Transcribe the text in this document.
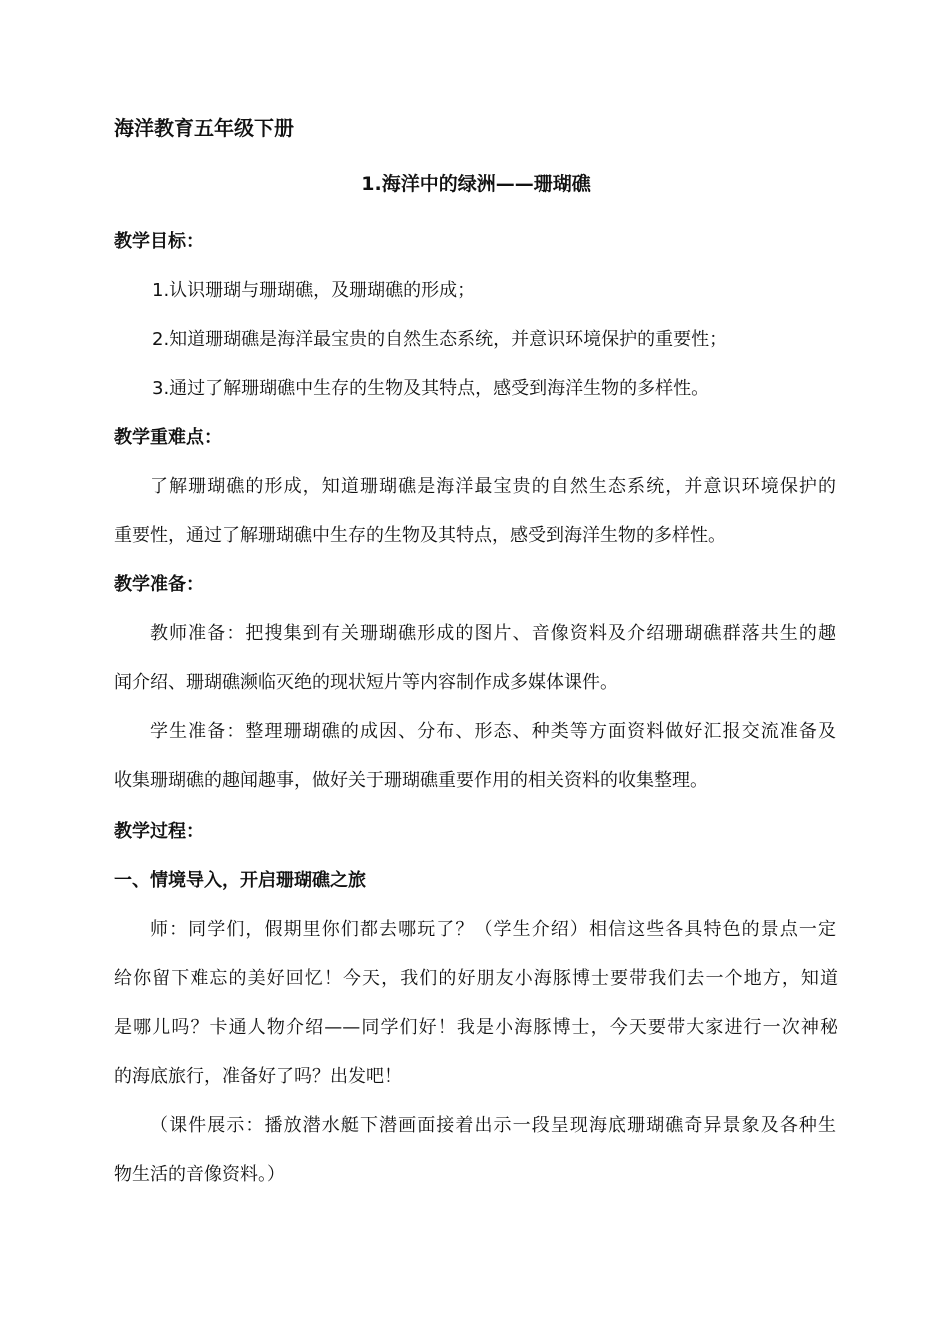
海洋教育五年级下册
1.海洋中的绿洲——珊瑚礁
教学目标：
1.认识珊瑚与珊瑚礁，及珊瑚礁的形成；
2.知道珊瑚礁是海洋最宝贵的自然生态系统，并意识环境保护的重要性；
3.通过了解珊瑚礁中生存的生物及其特点，感受到海洋生物的多样性。
教学重难点：
了解珊瑚礁的形成，知道珊瑚礁是海洋最宝贵的自然生态系统，并意识环境保护的
重要性，通过了解珊瑚礁中生存的生物及其特点，感受到海洋生物的多样性。
教学准备：
教师准备：把搜集到有关珊瑚礁形成的图片、音像资料及介绍珊瑚礁群落共生的趣
闻介绍、珊瑚礁濒临灭绝的现状短片等内容制作成多媒体课件。
学生准备：整理珊瑚礁的成因、分布、形态、种类等方面资料做好汇报交流准备及
收集珊瑚礁的趣闻趣事，做好关于珊瑚礁重要作用的相关资料的收集整理。
教学过程：
一、情境导入，开启珊瑚礁之旅
师：同学们，假期里你们都去哪玩了？（学生介绍）相信这些各具特色的景点一定
给你留下难忘的美好回忆！今天，我们的好朋友小海豚博士要带我们去一个地方，知道
是哪儿吗？卡通人物介绍——同学们好！我是小海豚博士，今天要带大家进行一次神秘
的海底旅行，准备好了吗？出发吧！
（课件展示：播放潜水艇下潜画面接着出示一段呈现海底珊瑚礁奇异景象及各种生
物生活的音像资料。）
